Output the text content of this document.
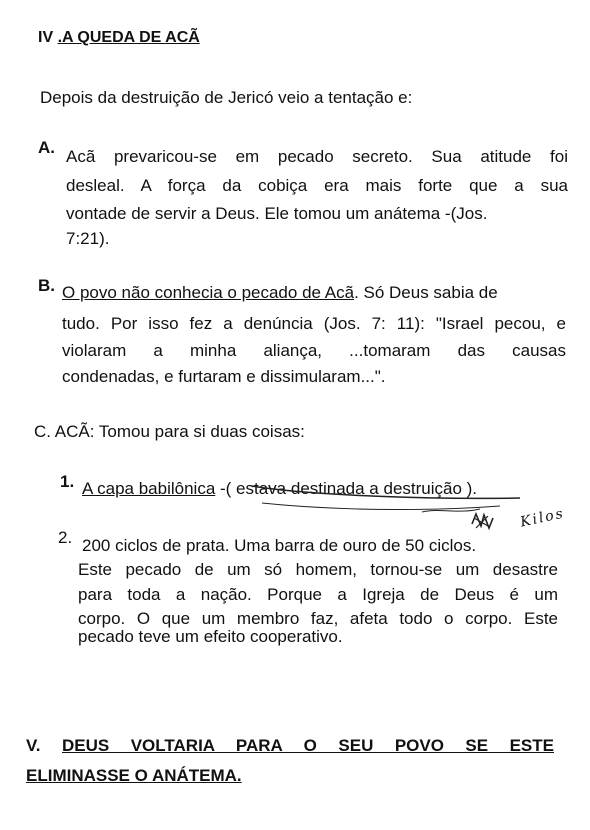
IV .A QUEDA DE ACÃ
Depois da destruição de Jericó veio a tentação e:
A. Acã prevaricou-se em pecado secreto. Sua atitude foi
desleal. A força da cobiça era mais forte que a sua
vontade de servir a Deus. Ele tomou um anátema -(Jos.
7:21).
B. O povo não conhecia o pecado de Acã. Só Deus sabia de
tudo. Por isso fez a denúncia (Jos. 7: 11): "Israel pecou, e
violaram a minha aliança, ...tomaram das causas
condenadas, e furtaram e dissimularam...".
C. ACÃ: Tomou para si duas coisas:
1. A capa babilônica -( estava destinada a destruição ).
Kilos
2. 200 ciclos de prata. Uma barra de ouro de 50 ciclos.
Este pecado de um só homem, tornou-se um desastre
para toda a nação. Porque a Igreja de Deus é um
corpo. O que um membro faz, afeta todo o corpo. Este
pecado teve um efeito cooperativo.
V. DEUS VOLTARIA PARA O SEU POVO SE ESTE
ELIMINASSE O ANÁTEMA.
